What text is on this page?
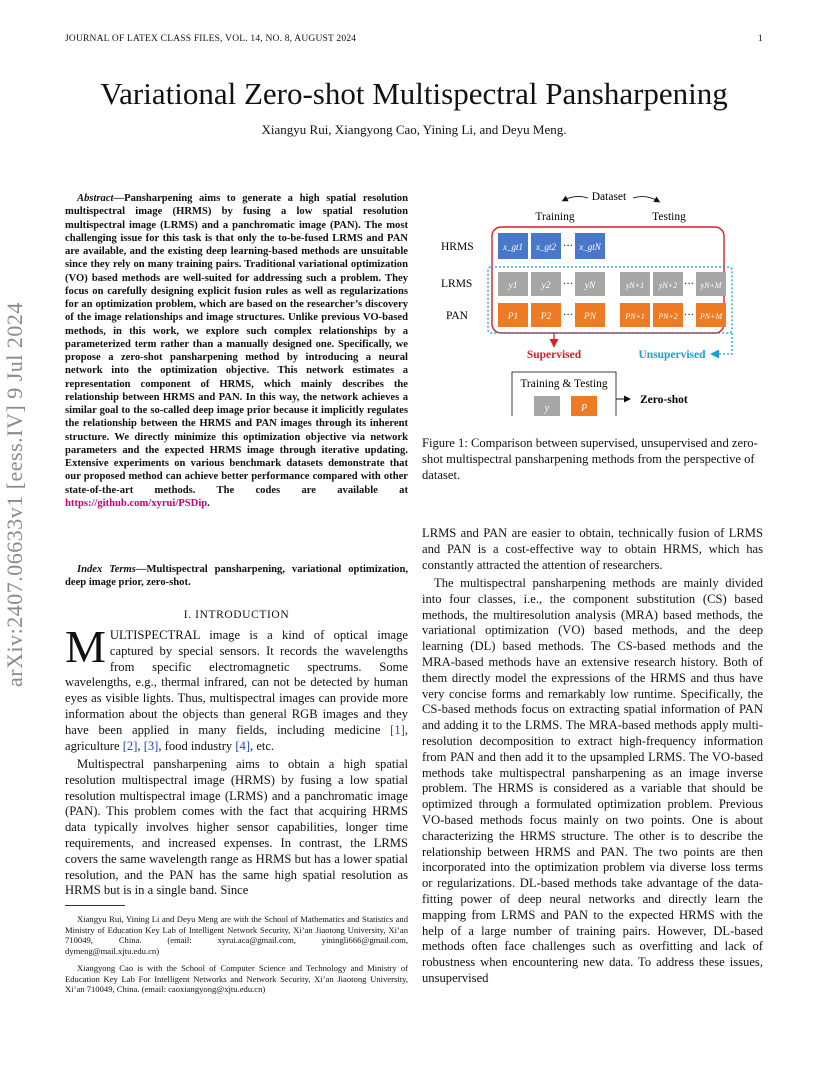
JOURNAL OF LATEX CLASS FILES, VOL. 14, NO. 8, AUGUST 2024	1
arXiv:2407.06633v1 [eess.IV] 9 Jul 2024
Variational Zero-shot Multispectral Pansharpening
Xiangyu Rui, Xiangyong Cao, Yining Li, and Deyu Meng.
Abstract—Pansharpening aims to generate a high spatial resolution multispectral image (HRMS) by fusing a low spatial resolution multispectral image (LRMS) and a panchromatic image (PAN). The most challenging issue for this task is that only the to-be-fused LRMS and PAN are available, and the existing deep learning-based methods are unsuitable since they rely on many training pairs. Traditional variational optimization (VO) based methods are well-suited for addressing such a problem. They focus on carefully designing explicit fusion rules as well as regularizations for an optimization problem, which are based on the researcher’s discovery of the image relationships and image structures. Unlike previous VO-based methods, in this work, we explore such complex relationships by a parameterized term rather than a manually designed one. Specifically, we propose a zero-shot pansharpening method by introducing a neural network into the optimization objective. This network estimates a representation component of HRMS, which mainly describes the relationship between HRMS and PAN. In this way, the network achieves a similar goal to the so-called deep image prior because it implicitly regulates the relationship between the HRMS and PAN images through its inherent structure. We directly minimize this optimization objective via network parameters and the expected HRMS image through iterative updating. Extensive experiments on various benchmark datasets demonstrate that our proposed method can achieve better performance compared with other state-of-the-art methods. The codes are available at https://github.com/xyrui/PSDip.
Index Terms—Multispectral pansharpening, variational optimization, deep image prior, zero-shot.
I. INTRODUCTION
MULTISPECTRAL image is a kind of optical image captured by special sensors. It records the wavelengths from specific electromagnetic spectrums. Some wavelengths, e.g., thermal infrared, can not be detected by human eyes as visible lights. Thus, multispectral images can provide more information about the objects than general RGB images and they have been applied in many fields, including medicine [1], agriculture [2], [3], food industry [4], etc.
Multispectral pansharpening aims to obtain a high spatial resolution multispectral image (HRMS) by fusing a low spatial resolution multispectral image (LRMS) and a panchromatic image (PAN). This problem comes with the fact that acquiring HRMS data typically involves higher sensor capabilities, longer time requirements, and increased expenses. In contrast, the LRMS covers the same wavelength range as HRMS but has a lower spatial resolution, and the PAN has the same high spatial resolution as HRMS but is in a single band. Since
Xiangyu Rui, Yining Li and Deyu Meng are with the School of Mathematics and Statistics and Ministry of Education Key Lab of Intelligent Network Security, Xi’an Jiaotong University, Xi’an 710049, China. (email: xyrui.aca@gmail.com, yiningli666@gmail.com, dymeng@mail.xjtu.edu.cn)
Xiangyong Cao is with the School of Computer Science and Technology and Ministry of Education Key Lab For Intelligent Networks and Network Security, Xi’an Jiaotong University, Xi’an 710049, China. (email: caoxiangyong@xjtu.edu.cn)
Dataset
Training	Testing
HRMS
LRMS
PAN
x_gt1 x_gt2	x_gtN
···
y1	y2	yN	yN+1 yN+2	yN+M
···	···
P1 P2	PN	PN+1 PN+2	PN+M
···	···
Supervised	Unsupervised
Training & Testing
y	P
Zero-shot
Figure 1: Comparison between supervised, unsupervised and zero-shot multispectral pansharpening methods from the perspective of dataset.
LRMS and PAN are easier to obtain, technically fusion of LRMS and PAN is a cost-effective way to obtain HRMS, which has constantly attracted the attention of researchers.
The multispectral pansharpening methods are mainly divided into four classes, i.e., the component substitution (CS) based methods, the multiresolution analysis (MRA) based methods, the variational optimization (VO) based methods, and the deep learning (DL) based methods. The CS-based methods and the MRA-based methods have an extensive research history. Both of them directly model the expressions of the HRMS and thus have very concise forms and remarkably low runtime. Specifically, the CS-based methods focus on extracting spatial information of PAN and adding it to the LRMS. The MRA-based methods apply multi-resolution decomposition to extract high-frequency information from PAN and then add it to the upsampled LRMS. The VO-based methods take multispectral pansharpening as an image inverse problem. The HRMS is considered as a variable that should be optimized through a formulated optimization problem. Previous VO-based methods focus mainly on two points. One is about characterizing the HRMS structure. The other is to describe the relationship between HRMS and PAN. The two points are then incorporated into the optimization problem via diverse loss terms or regularizations. DL-based methods take advantage of the data-fitting power of deep neural networks and directly learn the mapping from LRMS and PAN to the expected HRMS with the help of a large number of training pairs. However, DL-based methods often face challenges such as overfitting and lack of robustness when encountering new data. To address these issues, unsupervised
